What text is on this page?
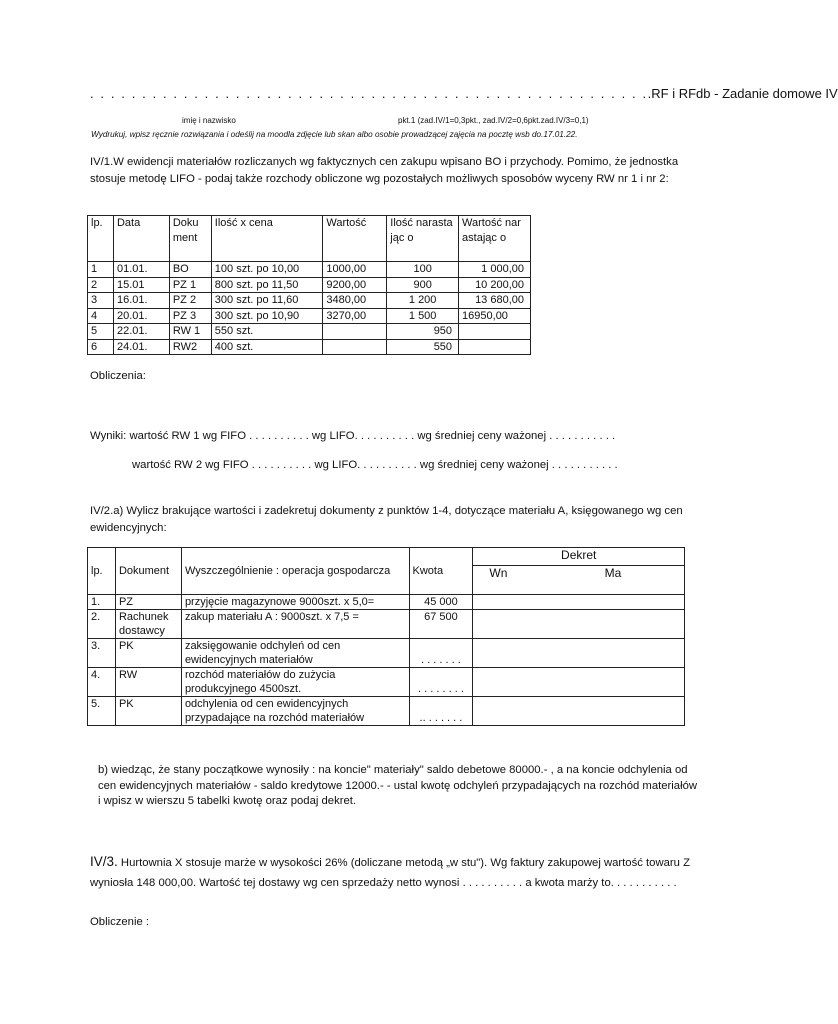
. . . . . . . . . . . . . . . . . . . . . . . . . . . . . . . . . . . . . . . . . . . . . . . . . . . . . ..RF i RFdb - Zadanie domowe IV
imię i nazwisko	pkt.1 (zad.IV/1=0,3pkt., zad.IV/2=0,6pkt.zad.IV/3=0,1)
Wydrukuj, wpisz ręcznie rozwiązania i odeślij na moodla zdjęcie lub skan albo osobie prowadzącej zajęcia na pocztę wsb do.17.01.22.
IV/1.W ewidencji materiałów rozliczanych wg faktycznych cen zakupu wpisano BO i przychody. Pomimo, że jednostka stosuje metodę LIFO - podaj także rozchody obliczone wg pozostałych możliwych sposobów wyceny RW nr 1 i nr 2:
lp.	Data	Doku ment	Ilość x cena	Wartość	Ilość narastając o	Wartość narastając o
1	01.01.	BO	100 szt. po 10,00	1000,00	100	1 000,00
2	15.01	PZ 1	800 szt. po 11,50	9200,00	900	10 200,00
3	16.01.	PZ 2	300 szt. po 11,60	3480,00	1 200	13 680,00
4	20.01.	PZ 3	300 szt. po 10,90	3270,00	1 500	16950,00
5	22.01.	RW 1	550 szt.		950	
6	24.01.	RW2	400 szt.		550	
Obliczenia:
Wyniki: wartość RW 1 wg FIFO . . . . . . . . . . wg LIFO. . . . . . . . . . wg średniej ceny ważonej . . . . . . . . . . .
wartość RW 2 wg FIFO . . . . . . . . . . wg LIFO. . . . . . . . . . wg średniej ceny ważonej . . . . . . . . . . .
IV/2.a) Wylicz brakujące wartości i zadekretuj dokumenty z punktów 1-4, dotyczące materiału A, księgowanego wg cen ewidencyjnych:
lp.	Dokument	Wyszczególnienie : operacja gospodarcza	Kwota	Dekret	
				Wn	Ma
1.	PZ	przyjęcie magazynowe 9000szt. x 5,0=	45 000		
2.	Rachunek dostawcy	zakup materiału A : 9000szt. x 7,5 =	67 500		
3.	PK	zaksięgowanie odchyleń od cen ewidencyjnych materiałów	. . . . . . .		
4.	RW	rozchód materiałów do zużycia produkcyjnego 4500szt.	. . . . . . . .		
5.	PK	odchylenia od cen ewidencyjnych przypadające na rozchód materiałów	.. . . . . . .		
b) wiedząc, że stany początkowe wynosiły : na koncie" materiały" saldo debetowe 80000.- , a na koncie odchylenia od cen ewidencyjnych materiałów - saldo kredytowe 12000.- - ustal kwotę odchyleń przypadających na rozchód materiałów i wpisz w wierszu 5 tabelki kwotę oraz podaj dekret.
IV/3. Hurtownia X stosuje marże w wysokości 26% (doliczane metodą „w stu"). Wg faktury zakupowej wartość towaru Z wyniosła 148 000,00. Wartość tej dostawy wg cen sprzedaży netto wynosi . . . . . . . . . . a kwota marży to. . . . . . . . . . .
Obliczenie :
